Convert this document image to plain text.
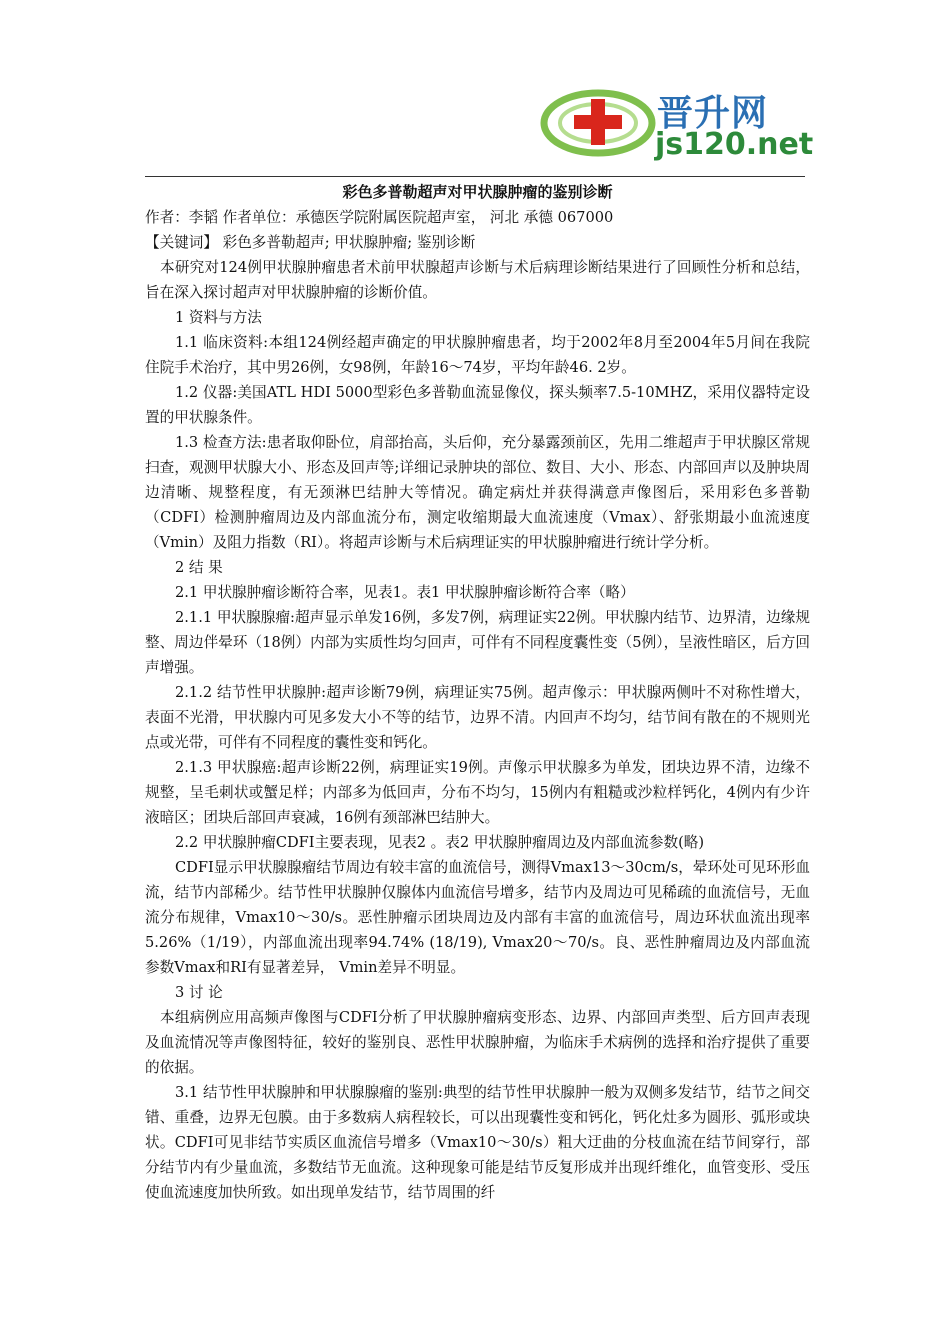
晋升网
js120.net

彩色多普勒超声对甲状腺肿瘤的鉴别诊断

作者：李韬 作者单位：承德医学院附属医院超声室， 河北 承德 067000

【关键词】 彩色多普勒超声; 甲状腺肿瘤; 鉴别诊断

本研究对124例甲状腺肿瘤患者术前甲状腺超声诊断与术后病理诊断结果进行了回顾性分析和总结，旨在深入探讨超声对甲状腺肿瘤的诊断价值。

1 资料与方法

1.1 临床资料:本组124例经超声确定的甲状腺肿瘤患者，均于2002年8月至2004年5月间在我院住院手术治疗，其中男26例，女98例，年龄16～74岁，平均年龄46. 2岁。

1.2 仪器:美国ATL HDI 5000型彩色多普勒血流显像仪，探头频率7.5-10MHZ，采用仪器特定设置的甲状腺条件。

1.3 检查方法:患者取仰卧位，肩部抬高，头后仰，充分暴露颈前区，先用二维超声于甲状腺区常规扫查，观测甲状腺大小、形态及回声等;详细记录肿块的部位、数目、大小、形态、内部回声以及肿块周边清晰、规整程度，有无颈淋巴结肿大等情况。确定病灶并获得满意声像图后，采用彩色多普勒（CDFI）检测肿瘤周边及内部血流分布，测定收缩期最大血流速度（Vmax）、舒张期最小血流速度（Vmin）及阻力指数（RI）。将超声诊断与术后病理证实的甲状腺肿瘤进行统计学分析。

2 结 果

2.1 甲状腺肿瘤诊断符合率，见表1。表1 甲状腺肿瘤诊断符合率（略）

2.1.1 甲状腺腺瘤:超声显示单发16例，多发7例，病理证实22例。甲状腺内结节、边界清，边缘规整、周边伴晕环（18例）内部为实质性均匀回声，可伴有不同程度囊性变（5例），呈液性暗区，后方回声增强。

2.1.2 结节性甲状腺肿:超声诊断79例，病理证实75例。超声像示：甲状腺两侧叶不对称性增大，表面不光滑，甲状腺内可见多发大小不等的结节，边界不清。内回声不均匀，结节间有散在的不规则光点或光带，可伴有不同程度的囊性变和钙化。

2.1.3 甲状腺癌:超声诊断22例，病理证实19例。声像示甲状腺多为单发，团块边界不清，边缘不规整，呈毛刺状或蟹足样；内部多为低回声，分布不均匀，15例内有粗糙或沙粒样钙化，4例内有少许液暗区；团块后部回声衰减，16例有颈部淋巴结肿大。

2.2 甲状腺肿瘤CDFI主要表现，见表2 。表2 甲状腺肿瘤周边及内部血流参数(略)

CDFI显示甲状腺腺瘤结节周边有较丰富的血流信号，测得Vmax13～30cm/s，晕环处可见环形血流，结节内部稀少。结节性甲状腺肿仅腺体内血流信号增多，结节内及周边可见稀疏的血流信号，无血流分布规律，Vmax10～30/s。恶性肿瘤示团块周边及内部有丰富的血流信号，周边环状血流出现率5.26%（1/19），内部血流出现率94.74% (18/19), Vmax20～70/s。良、恶性肿瘤周边及内部血流参数Vmax和RI有显著差异， Vmin差异不明显。

3 讨 论

本组病例应用高频声像图与CDFI分析了甲状腺肿瘤病变形态、边界、内部回声类型、后方回声表现及血流情况等声像图特征，较好的鉴别良、恶性甲状腺肿瘤，为临床手术病例的选择和治疗提供了重要的依据。

3.1 结节性甲状腺肿和甲状腺腺瘤的鉴别:典型的结节性甲状腺肿一般为双侧多发结节，结节之间交错、重叠，边界无包膜。由于多数病人病程较长，可以出现囊性变和钙化，钙化灶多为圆形、弧形或块状。CDFI可见非结节实质区血流信号增多（Vmax10～30/s）粗大迂曲的分枝血流在结节间穿行，部分结节内有少量血流，多数结节无血流。这种现象可能是结节反复形成并出现纤维化，血管变形、受压使血流速度加快所致。如出现单发结节，结节周围的纤
